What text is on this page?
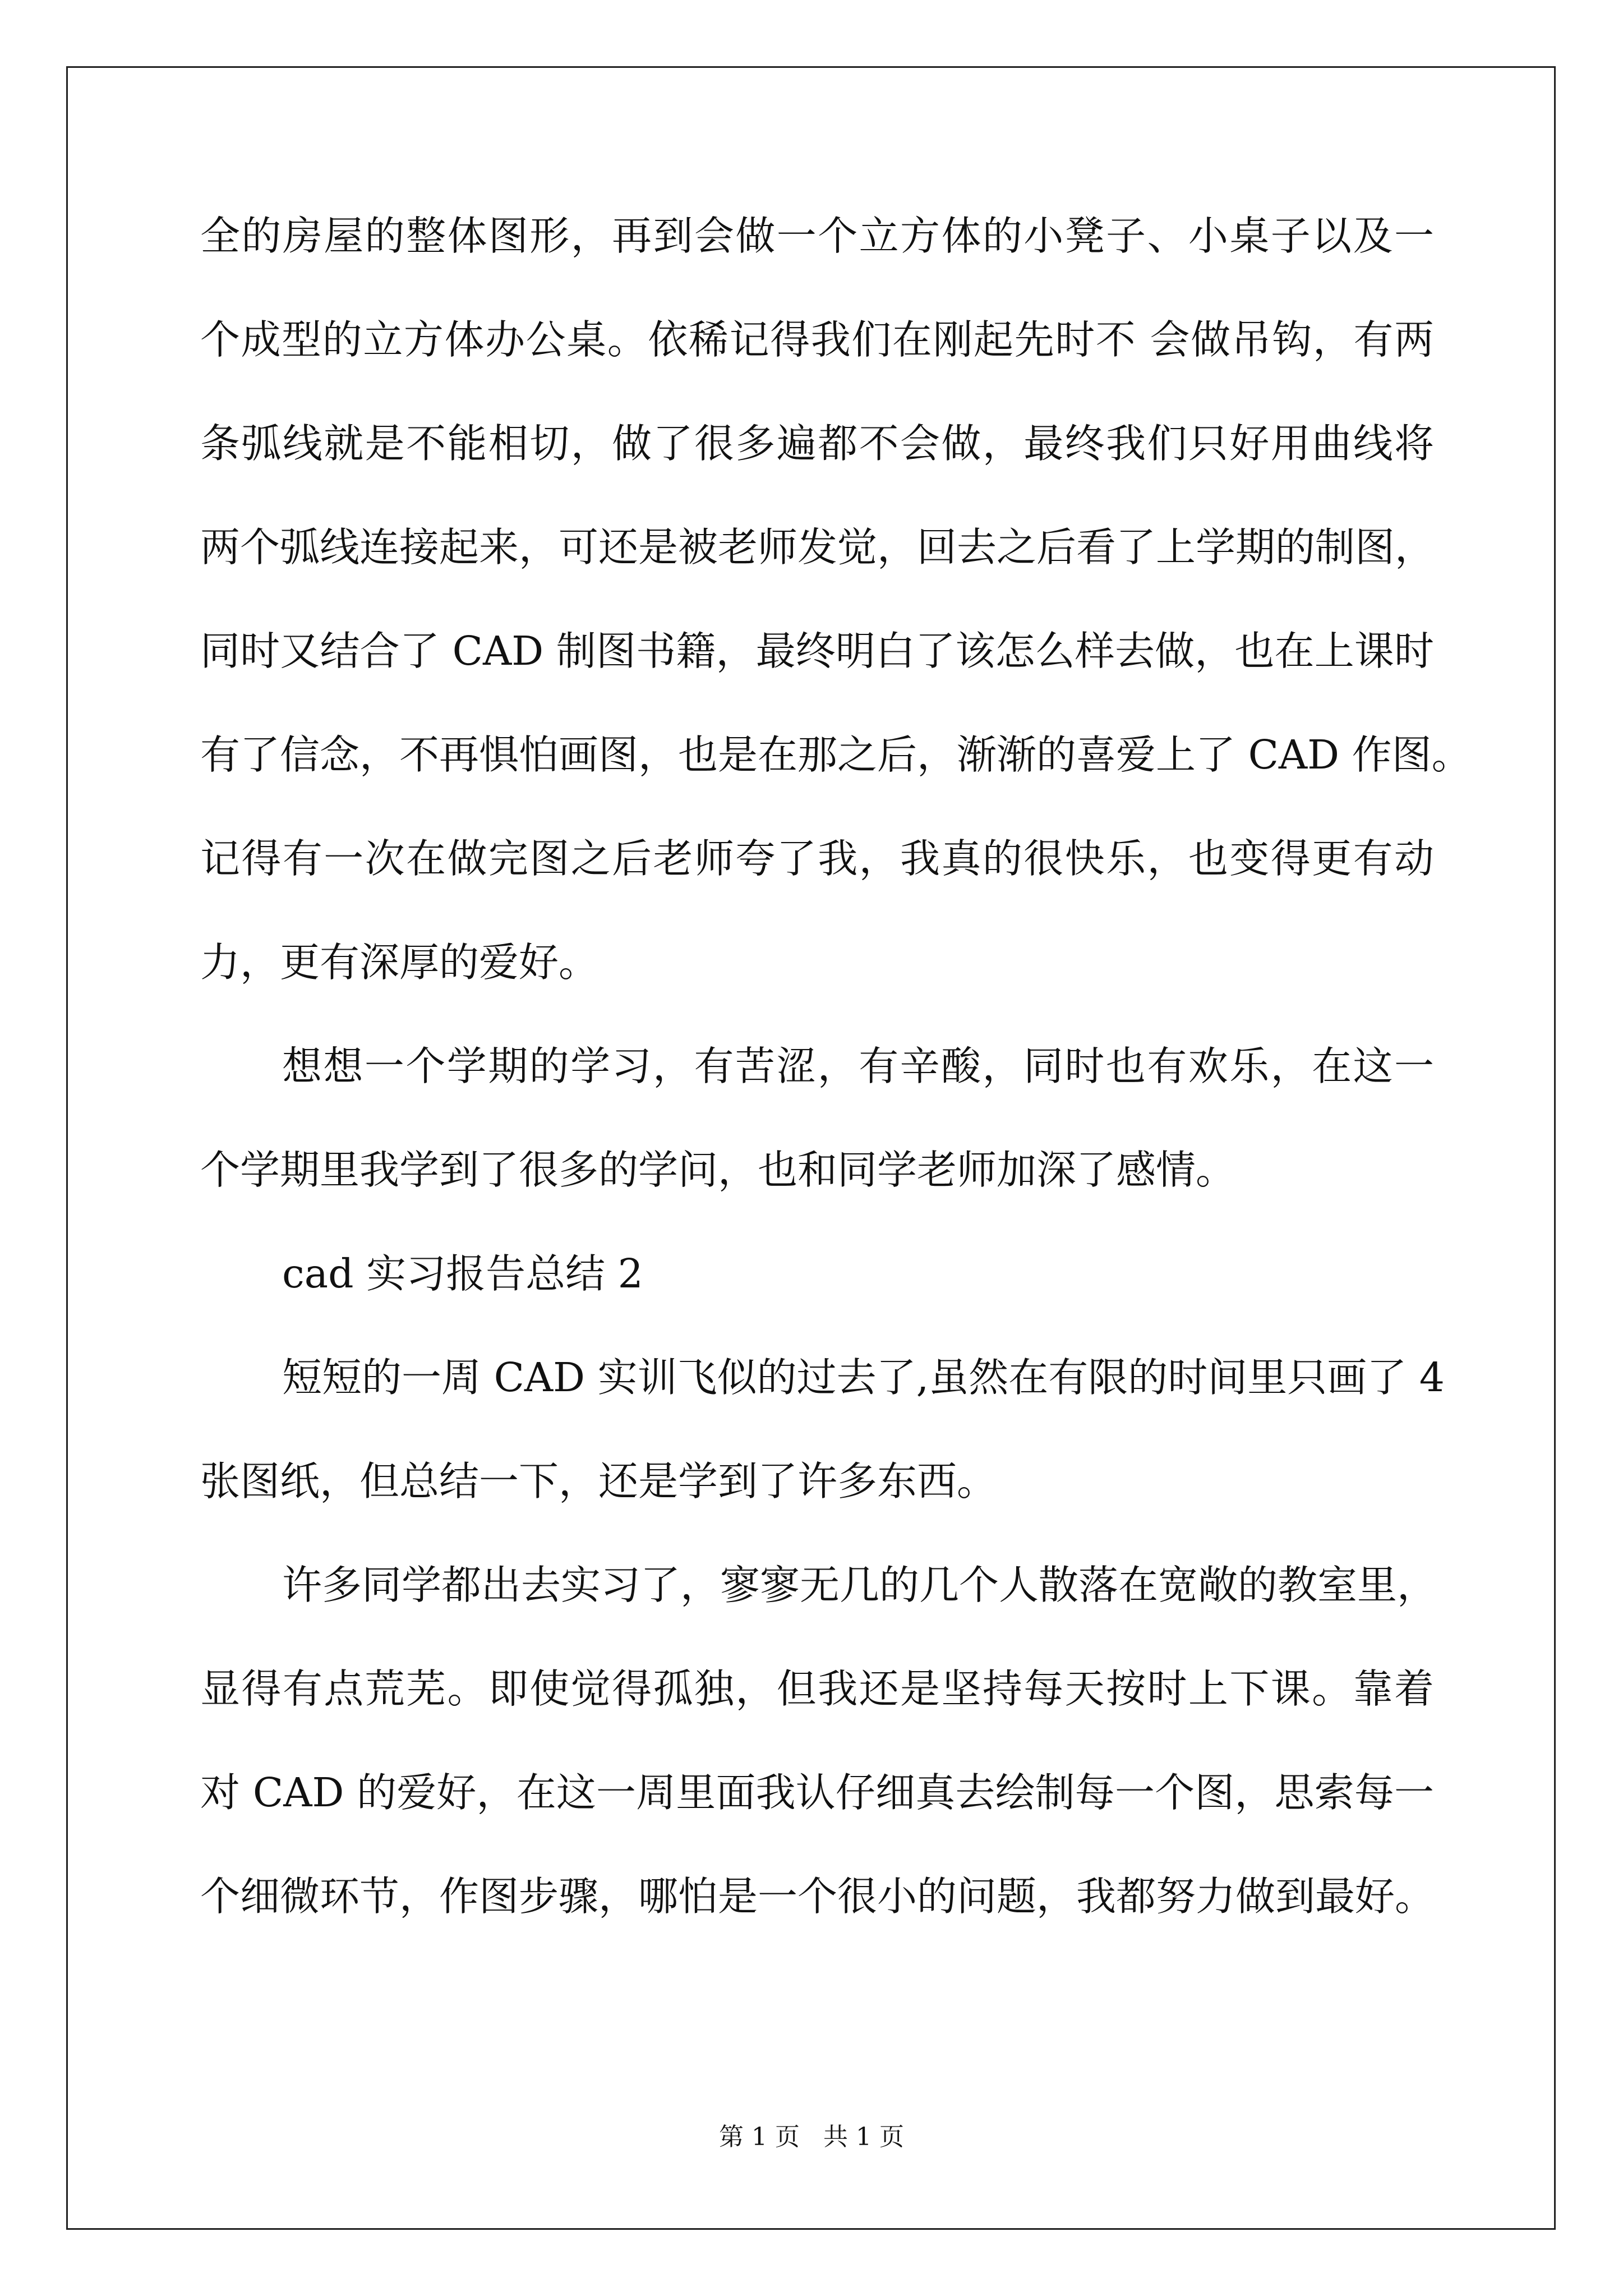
全的房屋的整体图形，再到会做一个立方体的小凳子、小桌子以及一
个成型的立方体办公桌。依稀记得我们在刚起先时不 会做吊钩，有两
条弧线就是不能相切，做了很多遍都不会做，最终我们只好用曲线将
两个弧线连接起来，可还是被老师发觉，回去之后看了上学期的制图，
同时又结合了 CAD 制图书籍，最终明白了该怎么样去做，也在上课时
有了信念，不再惧怕画图，也是在那之后，渐渐的喜爱上了 CAD 作图。
记得有一次在做完图之后老师夸了我，我真的很快乐，也变得更有动
力，更有深厚的爱好。
想想一个学期的学习，有苦涩，有辛酸，同时也有欢乐，在这一
个学期里我学到了很多的学问，也和同学老师加深了感情。
cad 实习报告总结 2
短短的一周 CAD 实训飞似的过去了,虽然在有限的时间里只画了 4
张图纸，但总结一下，还是学到了许多东西。
许多同学都出去实习了，寥寥无几的几个人散落在宽敞的教室里，
显得有点荒芜。即使觉得孤独，但我还是坚持每天按时上下课。靠着
对 CAD 的爱好，在这一周里面我认仔细真去绘制每一个图，思索每一
个细微环节，作图步骤，哪怕是一个很小的问题，我都努力做到最好。
第 1 页   共 1 页
